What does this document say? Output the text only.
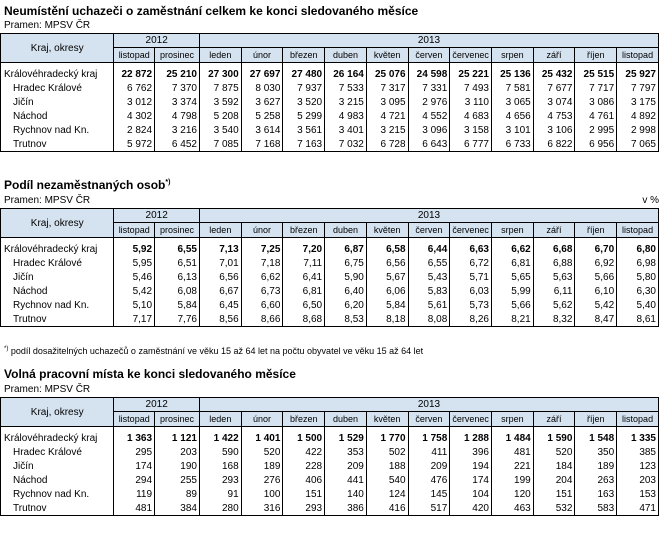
Neumístění uchazeči o zaměstnání celkem ke konci sledovaného měsíce
Pramen: MPSV ČR
Kraj, okresy	2012		2013										
	listopad	prosinec	leden	únor	březen	duben	květen	červen	červenec	srpen	září	říjen	listopad

Královéhradecký kraj	22 872	25 210	27 300	27 697	27 480	26 164	25 076	24 598	25 221	25 136	25 432	25 515	25 927
Hradec Králové	6 762	7 370	7 875	8 030	7 937	7 533	7 317	7 331	7 493	7 581	7 677	7 717	7 797
Jičín	3 012	3 374	3 592	3 627	3 520	3 215	3 095	2 976	3 110	3 065	3 074	3 086	3 175
Náchod	4 302	4 798	5 208	5 258	5 299	4 983	4 721	4 552	4 683	4 656	4 753	4 761	4 892
Rychnov nad Kn.	2 824	3 216	3 540	3 614	3 561	3 401	3 215	3 096	3 158	3 101	3 106	2 995	2 998
Trutnov	5 972	6 452	7 085	7 168	7 163	7 032	6 728	6 643	6 777	6 733	6 822	6 956	7 065
Podíl nezaměstnaných osob*)
Pramen: MPSV ČR	v %
Kraj, okresy	2012		2013										
	listopad	prosinec	leden	únor	březen	duben	květen	červen	červenec	srpen	září	říjen	listopad

Královéhradecký kraj	5,92	6,55	7,13	7,25	7,20	6,87	6,58	6,44	6,63	6,62	6,68	6,70	6,80
Hradec Králové	5,95	6,51	7,01	7,18	7,11	6,75	6,56	6,55	6,72	6,81	6,88	6,92	6,98
Jičín	5,46	6,13	6,56	6,62	6,41	5,90	5,67	5,43	5,71	5,65	5,63	5,66	5,80
Náchod	5,42	6,08	6,67	6,73	6,81	6,40	6,06	5,83	6,03	5,99	6,11	6,10	6,30
Rychnov nad Kn.	5,10	5,84	6,45	6,60	6,50	6,20	5,84	5,61	5,73	5,66	5,62	5,42	5,40
Trutnov	7,17	7,76	8,56	8,66	8,68	8,53	8,18	8,08	8,26	8,21	8,32	8,47	8,61
*) podíl dosažitelných uchazečů o zaměstnání ve věku 15 až 64 let na počtu obyvatel ve věku 15 až 64 let
Volná pracovní místa ke konci sledovaného měsíce
Pramen: MPSV ČR
Kraj, okresy	2012		2013										
	listopad	prosinec	leden	únor	březen	duben	květen	červen	červenec	srpen	září	říjen	listopad

Královéhradecký kraj	1 363	1 121	1 422	1 401	1 500	1 529	1 770	1 758	1 288	1 484	1 590	1 548	1 335
Hradec Králové	295	203	590	520	422	353	502	411	396	481	520	350	385
Jičín	174	190	168	189	228	209	188	209	194	221	184	189	123
Náchod	294	255	293	276	406	441	540	476	174	199	204	263	203
Rychnov nad Kn.	119	89	91	100	151	140	124	145	104	120	151	163	153
Trutnov	481	384	280	316	293	386	416	517	420	463	532	583	471
